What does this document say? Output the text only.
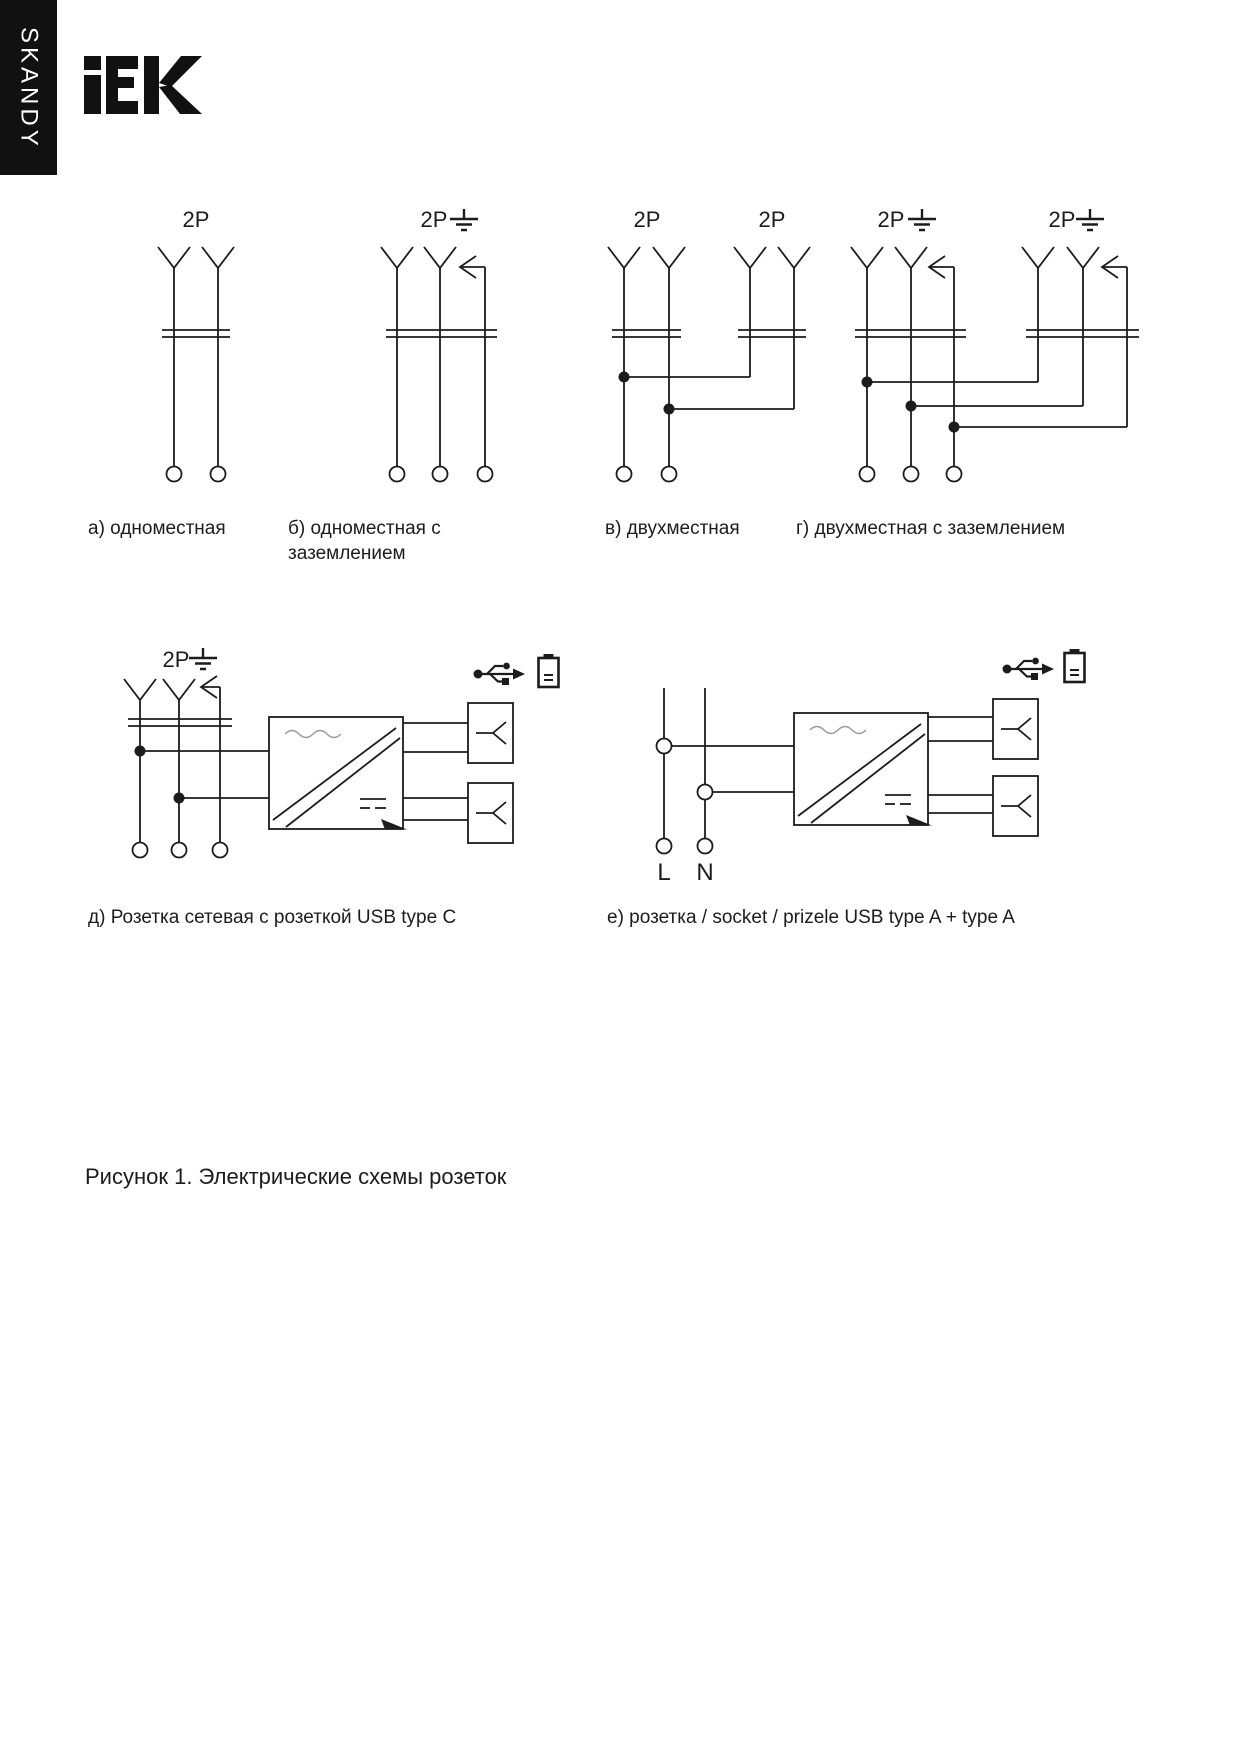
SKANDY
2P	2P	2P	2P	2P	2P
2P
L N
а) одноместная	б) одноместная с заземлением
в) двухместная	г) двухместная с заземлением
д) Розетка сетевая с розеткой USB type C	е) розетка / socket / prizele USB type A + type A
Рисунок 1. Электрические схемы розеток
